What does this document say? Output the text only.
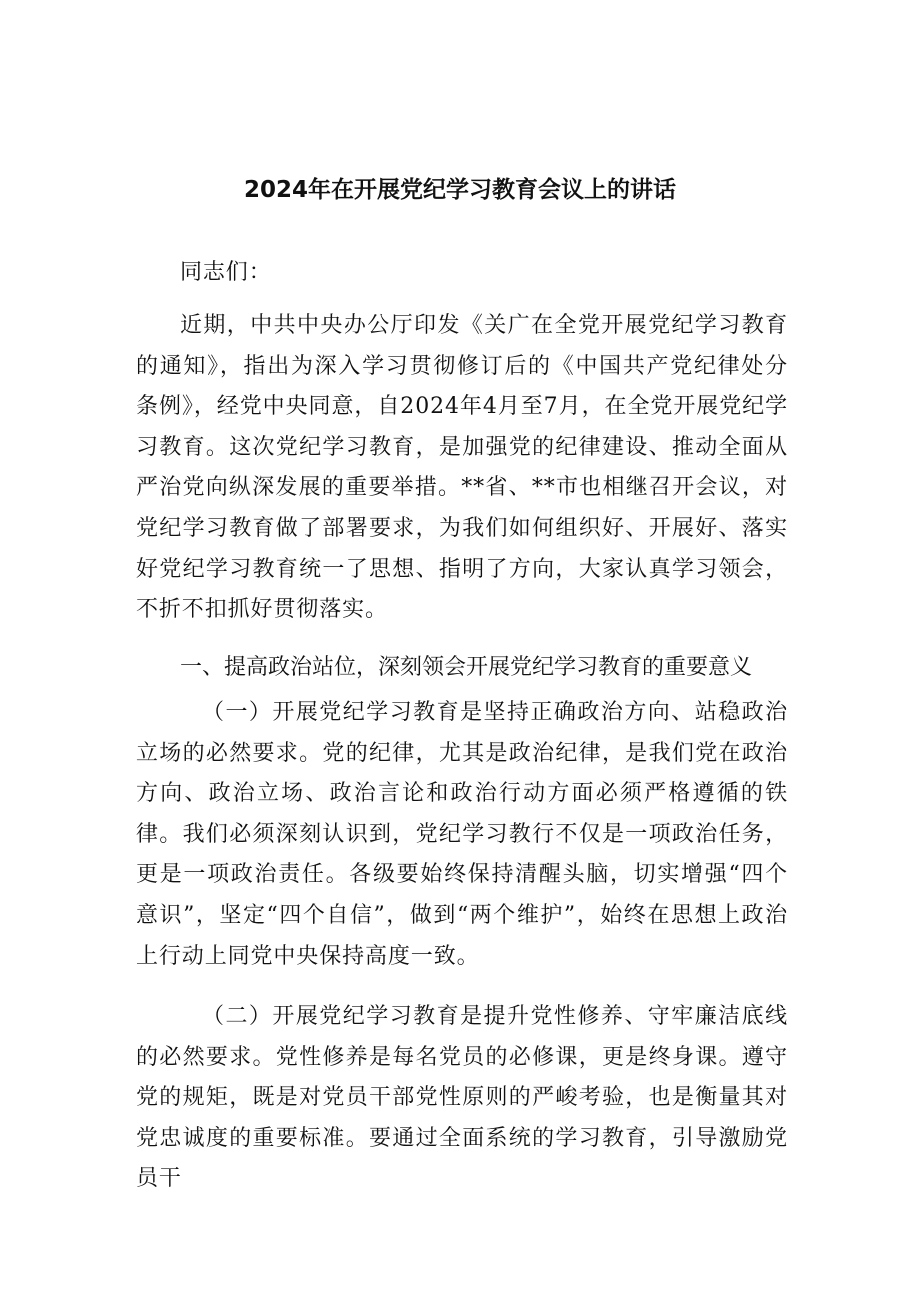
2024年在开展党纪学习教育会议上的讲话
同志们：
近期，中共中央办公厅印发《关广在全党开展党纪学习教育的通知》，指出为深入学习贯彻修订后的《中国共产党纪律处分条例》，经党中央同意，自2024年4月至7月，在全党开展党纪学习教育。这次党纪学习教育，是加强党的纪律建设、推动全面从严治党向纵深发展的重要举措。**省、**市也相继召开会议，对党纪学习教育做了部署要求，为我们如何组织好、开展好、落实好党纪学习教育统一了思想、指明了方向，大家认真学习领会，不折不扣抓好贯彻落实。
一、提高政治站位，深刻领会开展党纪学习教育的重要意义
（一）开展党纪学习教育是坚持正确政治方向、站稳政治立场的必然要求。党的纪律，尤其是政治纪律，是我们党在政治方向、政治立场、政治言论和政治行动方面必须严格遵循的铁律。我们必须深刻认识到，党纪学习教行不仅是一项政治任务，更是一项政治责任。各级要始终保持清醒头脑，切实增强“四个意识”，坚定“四个自信”，做到“两个维护”，始终在思想上政治上行动上同党中央保持高度一致。
（二）开展党纪学习教育是提升党性修养、守牢廉洁底线的必然要求。党性修养是每名党员的必修课，更是终身课。遵守党的规矩，既是对党员干部党性原则的严峻考验，也是衡量其对党忠诚度的重要标准。要通过全面系统的学习教育，引导激励党员干
